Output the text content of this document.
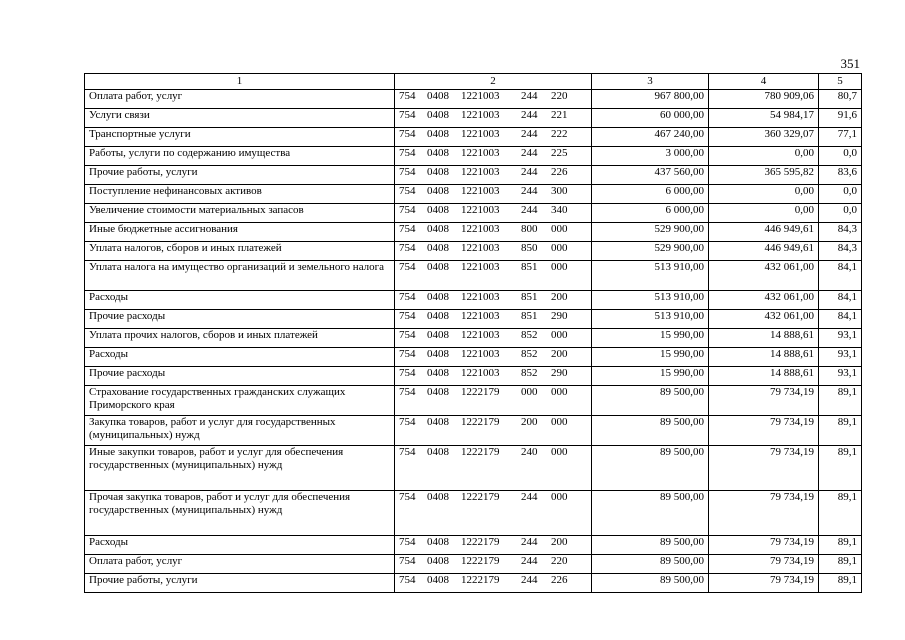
351
1	2	3	4	5
Оплата работ, услуг	754 0408 1221003 244 220	967 800,00	780 909,06	80,7
Услуги связи	754 0408 1221003 244 221	60 000,00	54 984,17	91,6
Транспортные услуги	754 0408 1221003 244 222	467 240,00	360 329,07	77,1
Работы, услуги по содержанию имущества	754 0408 1221003 244 225	3 000,00	0,00	0,0
Прочие работы, услуги	754 0408 1221003 244 226	437 560,00	365 595,82	83,6
Поступление нефинансовых активов	754 0408 1221003 244 300	6 000,00	0,00	0,0
Увеличение стоимости материальных запасов	754 0408 1221003 244 340	6 000,00	0,00	0,0
Иные бюджетные ассигнования	754 0408 1221003 800 000	529 900,00	446 949,61	84,3
Уплата налогов, сборов и иных платежей	754 0408 1221003 850 000	529 900,00	446 949,61	84,3
Уплата налога на имущество организаций и земельного налога	754 0408 1221003 851 000	513 910,00	432 061,00	84,1
Расходы	754 0408 1221003 851 200	513 910,00	432 061,00	84,1
Прочие расходы	754 0408 1221003 851 290	513 910,00	432 061,00	84,1
Уплата прочих налогов, сборов и иных платежей	754 0408 1221003 852 000	15 990,00	14 888,61	93,1
Расходы	754 0408 1221003 852 200	15 990,00	14 888,61	93,1
Прочие расходы	754 0408 1221003 852 290	15 990,00	14 888,61	93,1
Страхование государственных гражданских служащих Приморского края	754 0408 1222179 000 000	89 500,00	79 734,19	89,1
Закупка товаров, работ и услуг для государственных (муниципальных) нужд	754 0408 1222179 200 000	89 500,00	79 734,19	89,1
Иные закупки товаров, работ и услуг для обеспечения государственных (муниципальных) нужд	754 0408 1222179 240 000	89 500,00	79 734,19	89,1
Прочая закупка товаров, работ и услуг для обеспечения государственных (муниципальных) нужд	754 0408 1222179 244 000	89 500,00	79 734,19	89,1
Расходы	754 0408 1222179 244 200	89 500,00	79 734,19	89,1
Оплата работ, услуг	754 0408 1222179 244 220	89 500,00	79 734,19	89,1
Прочие работы, услуги	754 0408 1222179 244 226	89 500,00	79 734,19	89,1
